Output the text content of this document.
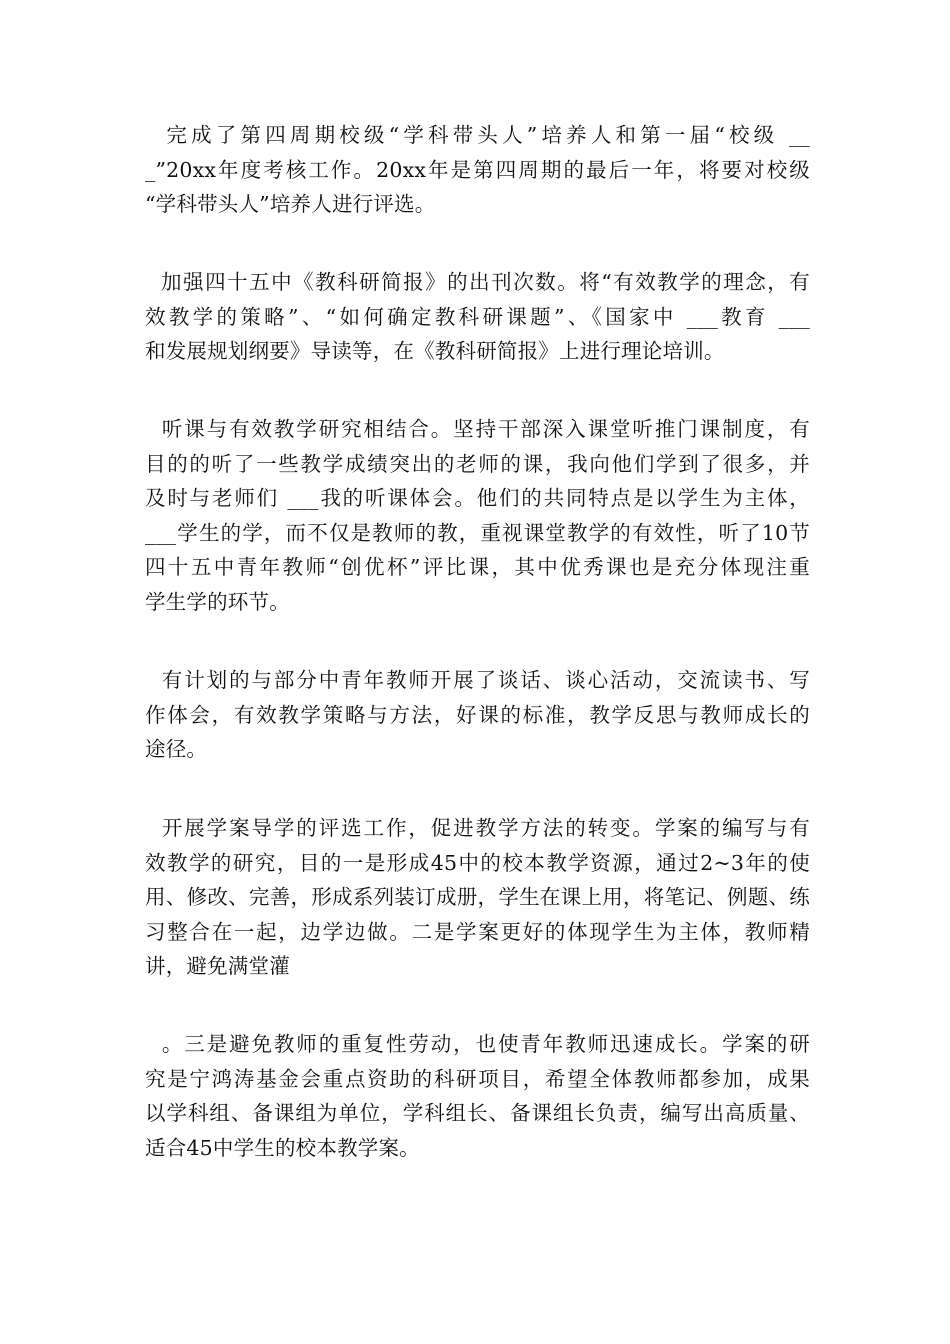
完成了第四周期校级“学科带头人”培养人和第一届“校级 __
_”20xx年度考核工作。20xx年是第四周期的最后一年，将要对校级
“学科带头人”培养人进行评选。
加强四十五中《教科研简报》的出刊次数。将“有效教学的理念，有
效教学的策略”、“如何确定教科研课题”、《国家中 ___教育 ___
和发展规划纲要》导读等，在《教科研简报》上进行理论培训。
听课与有效教学研究相结合。坚持干部深入课堂听推门课制度，有
目的的听了一些教学成绩突出的老师的课，我向他们学到了很多，并
及时与老师们 ___我的听课体会。他们的共同特点是以学生为主体，
___学生的学，而不仅是教师的教，重视课堂教学的有效性，听了10节
四十五中青年教师“创优杯”评比课，其中优秀课也是充分体现注重
学生学的环节。
有计划的与部分中青年教师开展了谈话、谈心活动，交流读书、写
作体会，有效教学策略与方法，好课的标准，教学反思与教师成长的
途径。
开展学案导学的评选工作，促进教学方法的转变。学案的编写与有
效教学的研究，目的一是形成45中的校本教学资源，通过2~3年的使
用、修改、完善，形成系列装订成册，学生在课上用，将笔记、例题、练
习整合在一起，边学边做。二是学案更好的体现学生为主体，教师精
讲，避免满堂灌
。三是避免教师的重复性劳动，也使青年教师迅速成长。学案的研
究是宁鸿涛基金会重点资助的科研项目，希望全体教师都参加，成果
以学科组、备课组为单位，学科组长、备课组长负责，编写出高质量、
适合45中学生的校本教学案。
